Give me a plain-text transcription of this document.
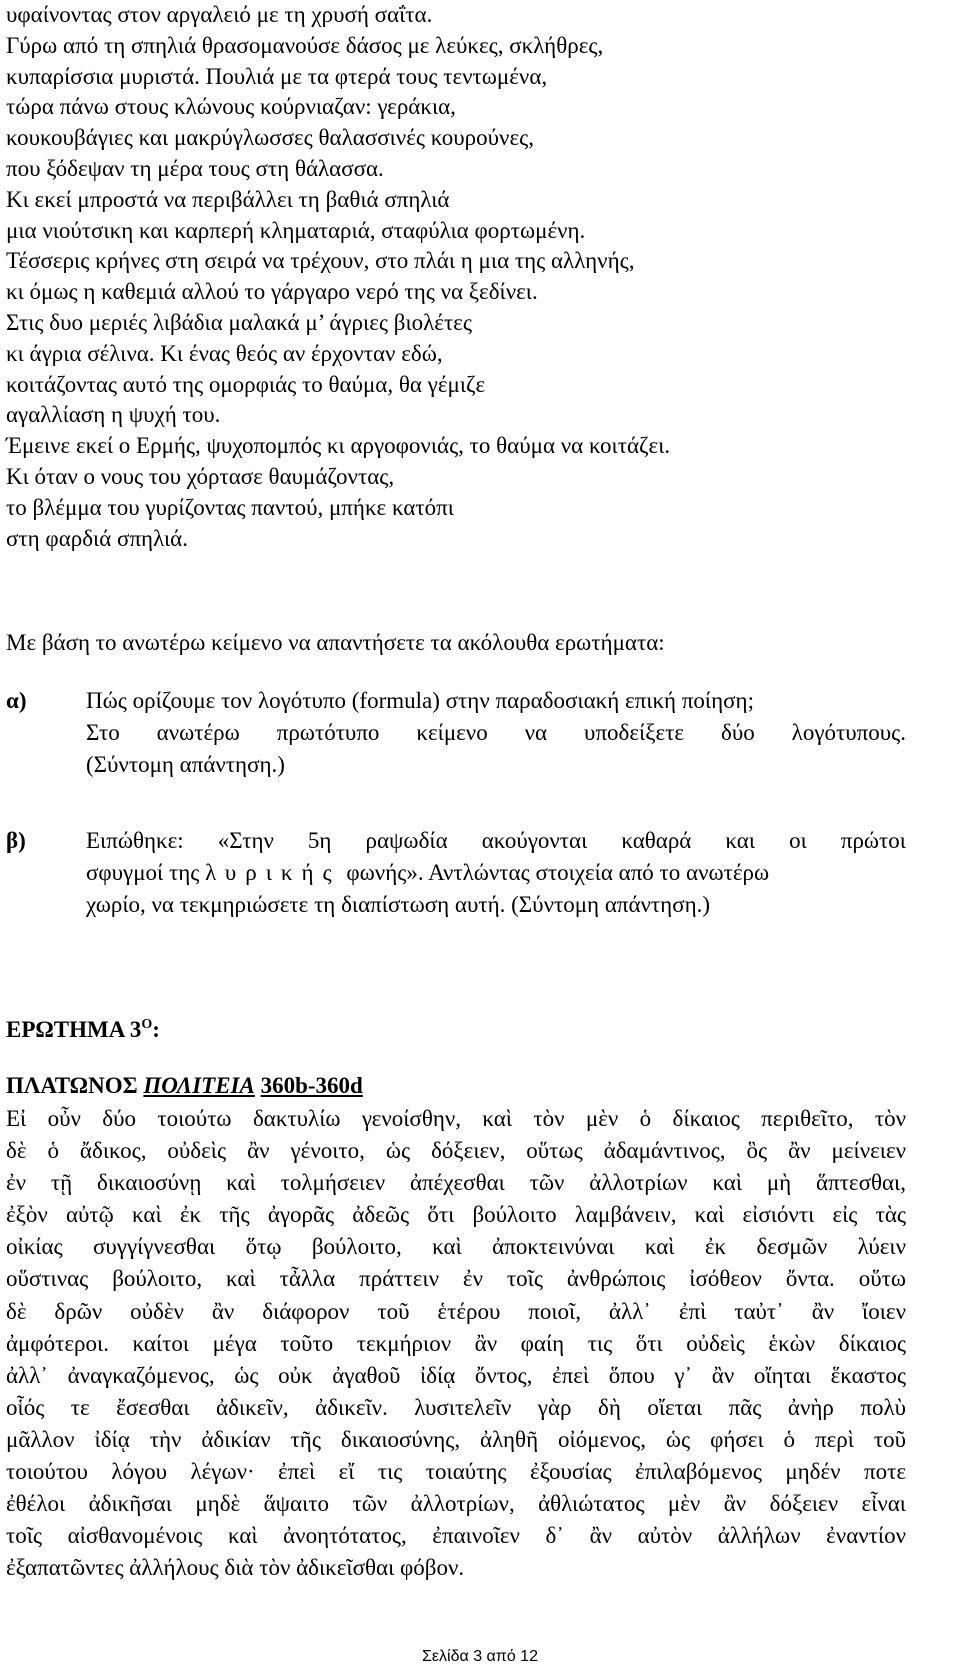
υφαίνοντας στον αργαλειό με τη χρυσή σαΐτα.
Γύρω από τη σπηλιά θρασομανούσε δάσος με λεύκες, σκλήθρες,
κυπαρίσσια μυριστά. Πουλιά με τα φτερά τους τεντωμένα,
τώρα πάνω στους κλώνους κούρνιαζαν: γεράκια,
κουκουβάγιες και μακρύγλωσσες θαλασσινές κουρούνες,
που ξόδεψαν τη μέρα τους στη θάλασσα.
Κι εκεί μπροστά να περιβάλλει τη βαθιά σπηλιά
μια νιούτσικη και καρπερή κληματαριά, σταφύλια φορτωμένη.
Τέσσερις κρήνες στη σειρά να τρέχουν, στο πλάι η μια της αλληνής,
κι όμως η καθεμιά αλλού το γάργαρο νερό της να ξεδίνει.
Στις δυο μεριές λιβάδια μαλακά μ’ άγριες βιολέτες
κι άγρια σέλινα. Κι ένας θεός αν έρχονταν εδώ,
κοιτάζοντας αυτό της ομορφιάς το θαύμα, θα γέμιζε
αγαλλίαση η ψυχή του.
Έμεινε εκεί ο Ερμής, ψυχοπομπός κι αργοφονιάς, το θαύμα να κοιτάζει.
Κι όταν ο νους του χόρτασε θαυμάζοντας,
το βλέμμα του γυρίζοντας παντού, μπήκε κατόπι
στη φαρδιά σπηλιά.
Με βάση το ανωτέρω κείμενο να απαντήσετε τα ακόλουθα ερωτήματα:
α)	Πώς ορίζουμε τον λογότυπο (formula) στην παραδοσιακή επική ποίηση;
Στο ανωτέρω πρωτότυπο κείμενο να υποδείξετε δύο λογότυπους.
(Σύντομη απάντηση.)
β)	Ειπώθηκε: «Στην 5η ραψωδία ακούγονται καθαρά και οι πρώτοι
σφυγμοί της λυρικής φωνής». Αντλώντας στοιχεία από το ανωτέρω
χωρίο, να τεκμηριώσετε τη διαπίστωση αυτή. (Σύντομη απάντηση.)
ΕΡΩΤΗΜΑ $3^O$:
ΠΛΑΤΩΝΟΣ ΠΟΛΙΤΕΙΑ 360b-360d
Εἰ οὖν δύο τοιούτω δακτυλίω γενοίσθην, καὶ τὸν μὲν ὁ δίκαιος περιθεῖτο, τὸν
δὲ ὁ ἄδικος, οὐδεὶς ἂν γένοιτο, ὡς δόξειεν, οὕτως ἀδαμάντινος, ὃς ἂν μείνειεν
ἐν τῇ δικαιοσύνῃ καὶ τολμήσειεν ἀπέχεσθαι τῶν ἀλλοτρίων καὶ μὴ ἅπτεσθαι,
ἐξὸν αὐτῷ καὶ ἐκ τῆς ἀγορᾶς ἀδεῶς ὅτι βούλοιτο λαμβάνειν, καὶ εἰσιόντι εἰς τὰς
οἰκίας συγγίγνεσθαι ὅτῳ βούλοιτο, καὶ ἀποκτεινύναι καὶ ἐκ δεσμῶν λύειν
οὕστινας βούλοιτο, καὶ τἆλλα πράττειν ἐν τοῖς ἀνθρώποις ἰσόθεον ὄντα. οὕτω
δὲ δρῶν οὐδὲν ἂν διάφορον τοῦ ἑτέρου ποιοῖ, ἀλλ᾽ ἐπὶ ταὐτ᾽ ἂν ἴοιεν
ἀμφότεροι. καίτοι μέγα τοῦτο τεκμήριον ἂν φαίη τις ὅτι οὐδεὶς ἑκὼν δίκαιος
ἀλλ᾽ ἀναγκαζόμενος, ὡς οὐκ ἀγαθοῦ ἰδίᾳ ὄντος, ἐπεὶ ὅπου γ᾽ ἂν οἴηται ἕκαστος
οἷός τε ἔσεσθαι ἀδικεῖν, ἀδικεῖν. λυσιτελεῖν γὰρ δὴ οἴεται πᾶς ἀνὴρ πολὺ
μᾶλλον ἰδίᾳ τὴν ἀδικίαν τῆς δικαιοσύνης, ἀληθῆ οἰόμενος, ὡς φήσει ὁ περὶ τοῦ
τοιούτου λόγου λέγων· ἐπεὶ εἴ τις τοιαύτης ἐξουσίας ἐπιλαβόμενος μηδέν ποτε
ἐθέλοι ἀδικῆσαι μηδὲ ἅψαιτο τῶν ἀλλοτρίων, ἀθλιώτατος μὲν ἂν δόξειεν εἶναι
τοῖς αἰσθανομένοις καὶ ἀνοητότατος, ἐπαινοῖεν δ᾽ ἂν αὐτὸν ἀλλήλων ἐναντίον
ἐξαπατῶντες ἀλλήλους διὰ τὸν ἀδικεῖσθαι φόβον.
Σελίδα 3 από 12
